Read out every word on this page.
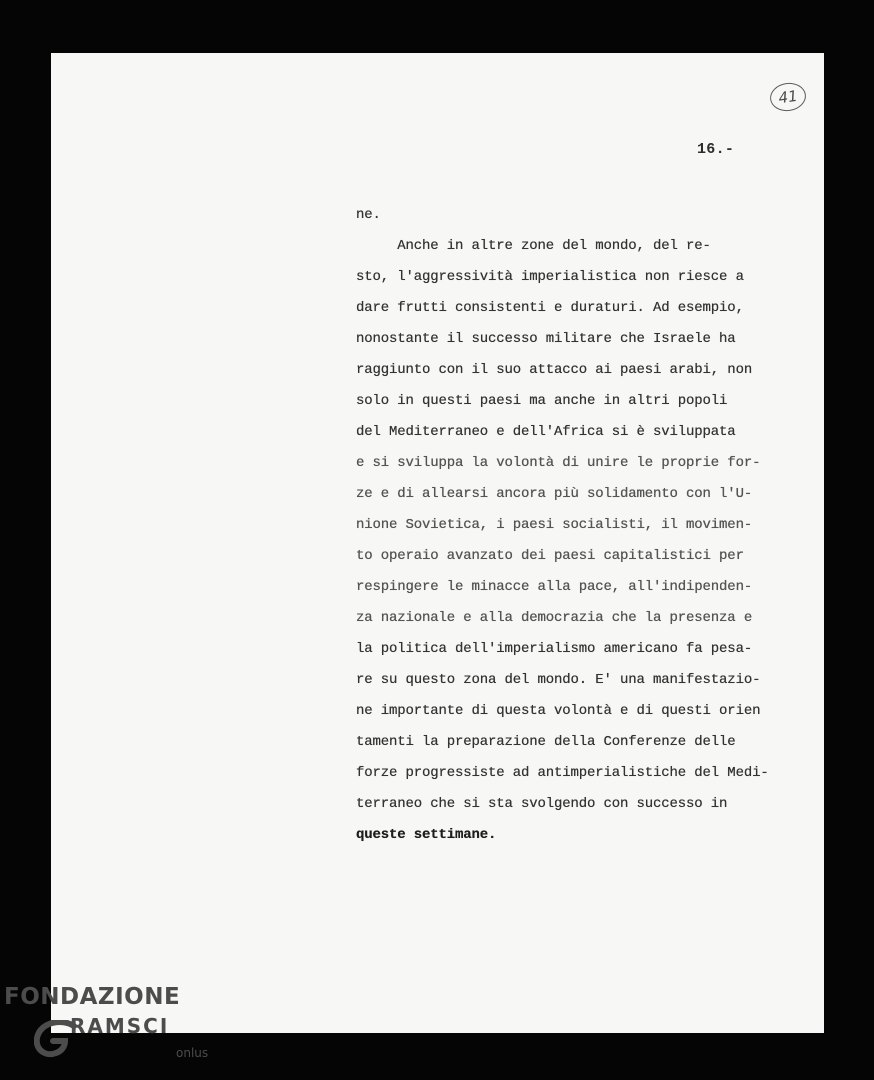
41
16.-
ne.
Anche in altre zone del mondo, del re-
sto, l'aggressività imperialistica non riesce a
dare frutti consistenti e duraturi. Ad esempio,
nonostante il successo militare che Israele ha
raggiunto con il suo attacco ai paesi arabi, non
solo in questi paesi ma anche in altri popoli
del Mediterraneo e dell'Africa si è sviluppata
e si sviluppa la volontà di unire le proprie for-
ze e di allearsi ancora più solidamento con l'U-
nione Sovietica, i paesi socialisti, il movimen-
to operaio avanzato dei paesi capitalistici per
respingere le minacce alla pace, all'indipenden-
za nazionale e alla democrazia che la presenza e
la politica dell'imperialismo americano fa pesa-
re su questo zona del mondo. E' una manifestazio-
ne importante di questa volontà e di questi orien
tamenti la preparazione della Conferenze delle
forze progressiste ad antimperialistiche del Medi-
terraneo che si sta svolgendo con successo in
queste settimane.
FONDAZIONE
RAMSCI
onlus
